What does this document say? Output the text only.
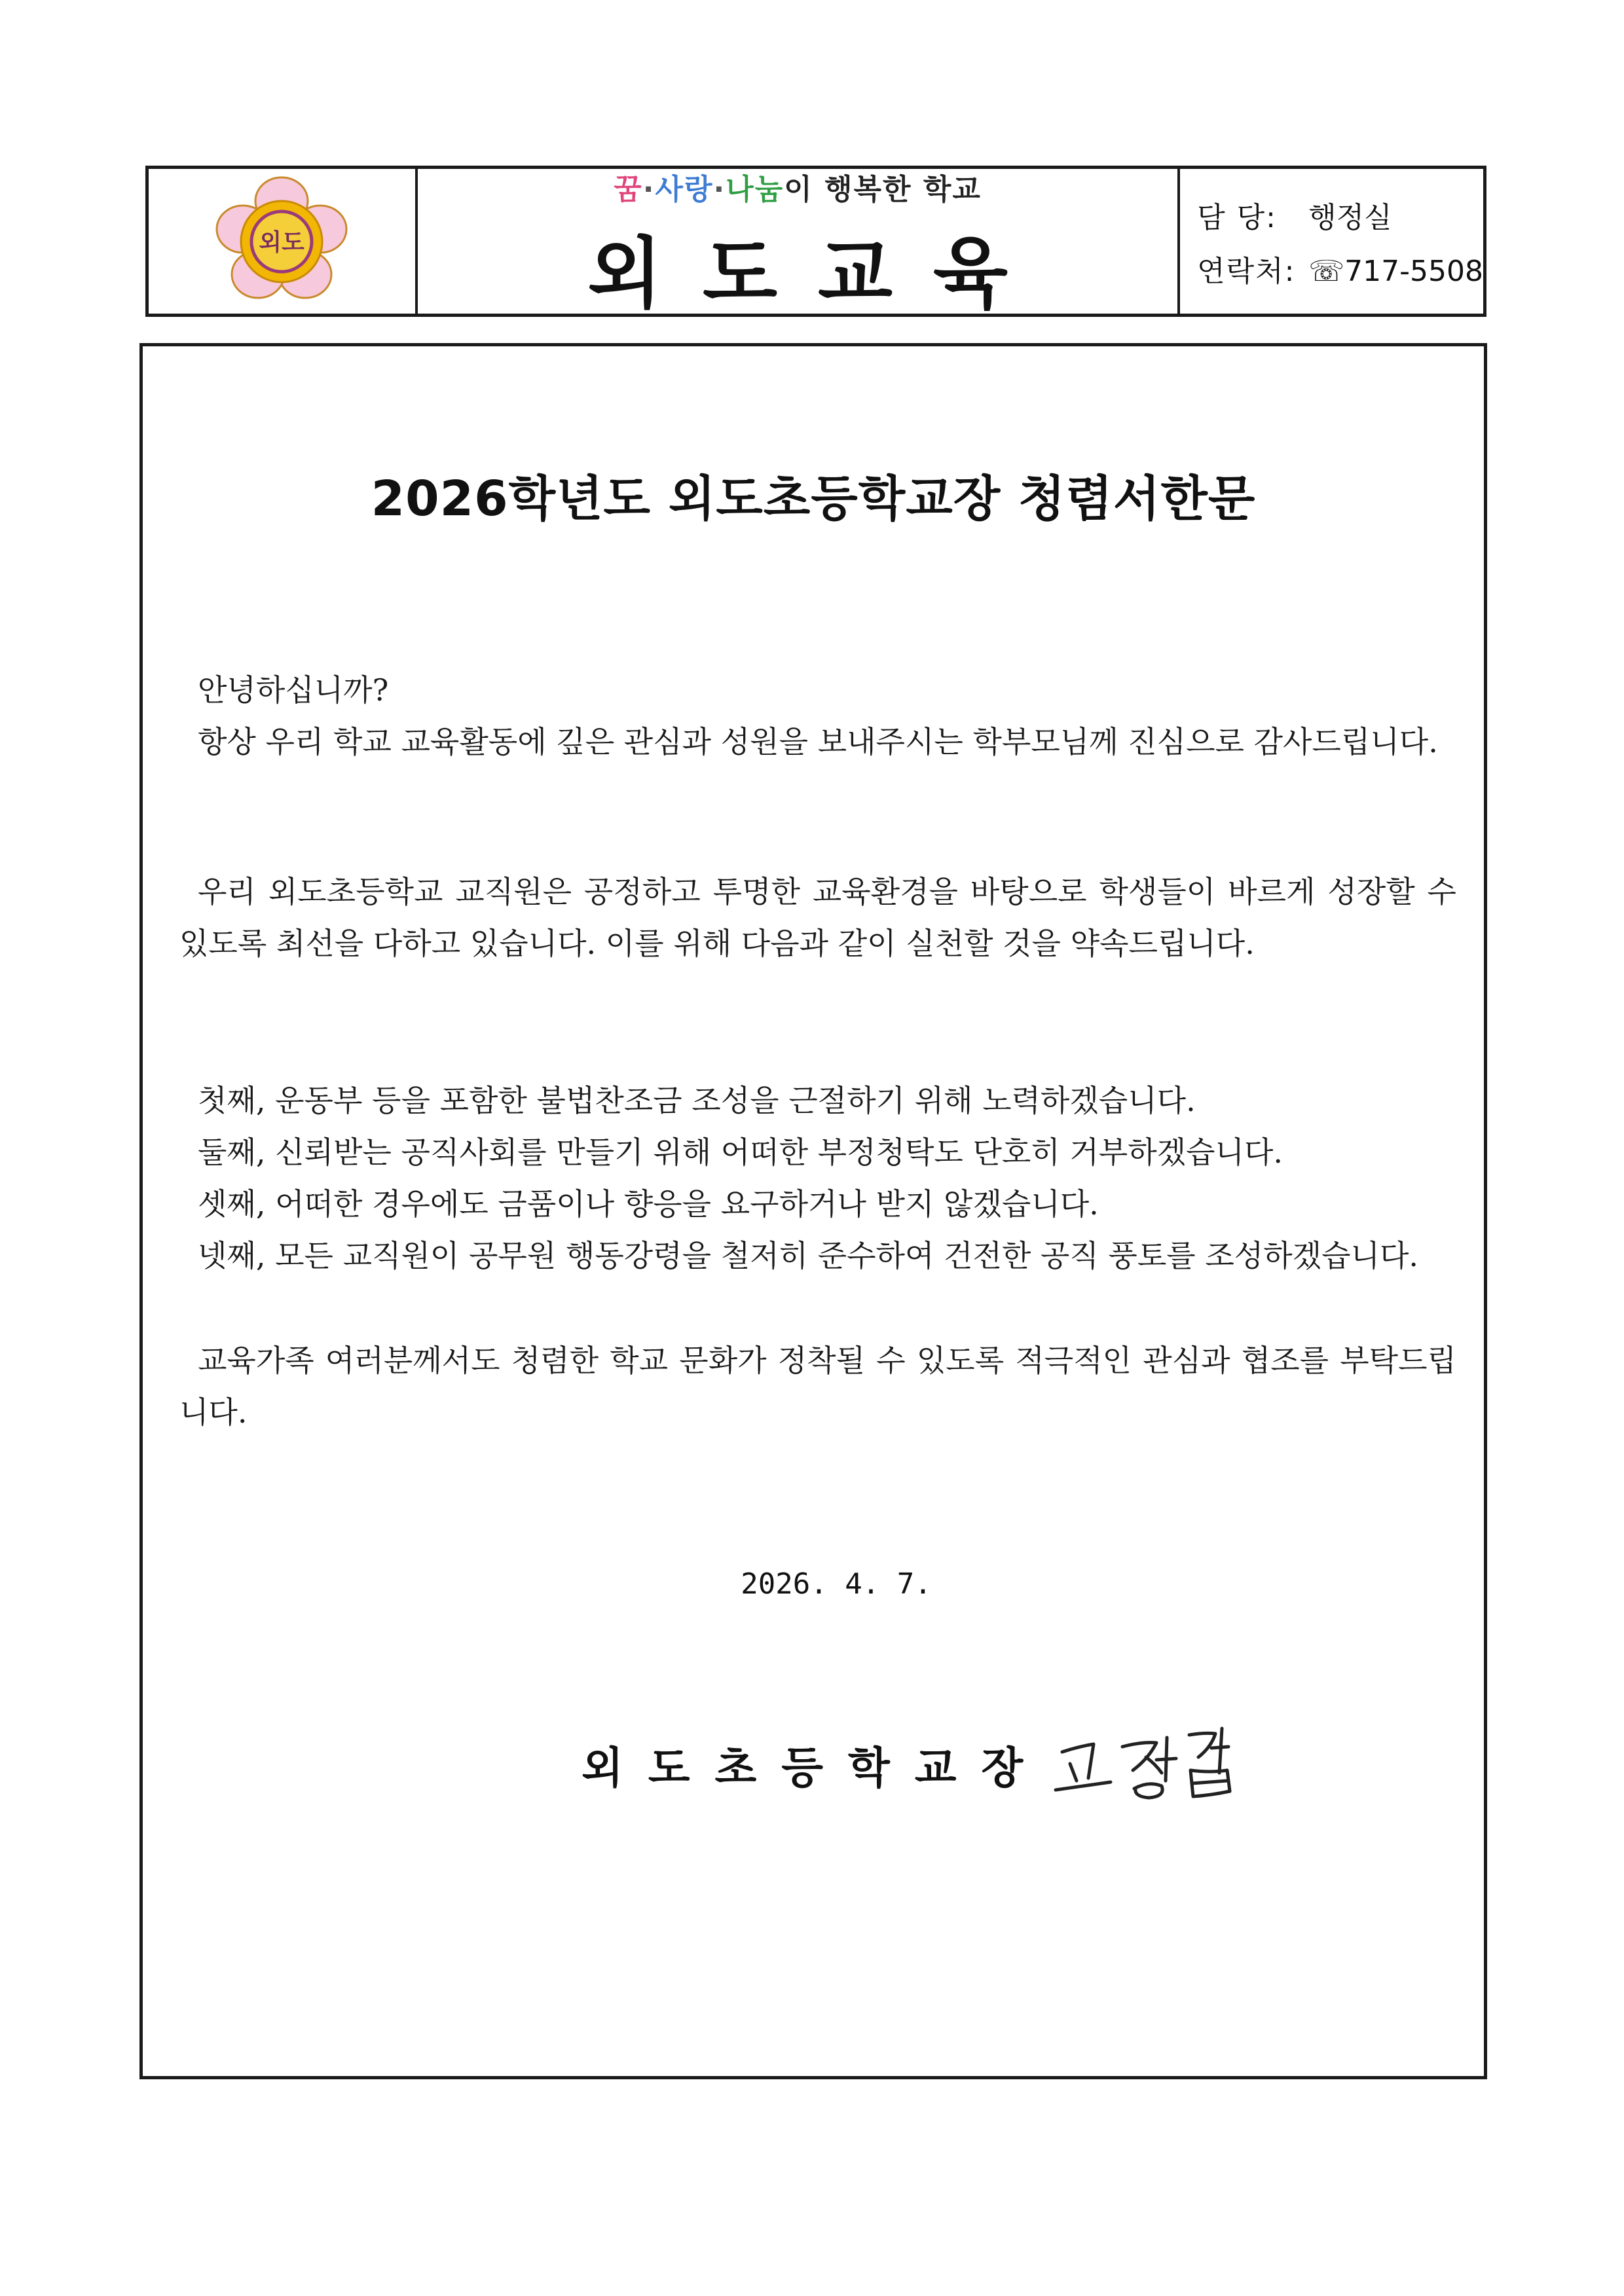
외도
꿈·사랑·나눔이 행복한 학교
외도교육
담 당: 행정실
연락처: ☏717-5508
2026학년도 외도초등학교장 청렴서한문

안녕하십니까?

항상 우리 학교 교육활동에 깊은 관심과 성원을 보내주시는 학부모님께 진심으로 감사드립니다.

우리 외도초등학교 교직원은 공정하고 투명한 교육환경을 바탕으로 학생들이 바르게 성장할 수 있도록 최선을 다하고 있습니다. 이를 위해 다음과 같이 실천할 것을 약속드립니다.

첫째, 운동부 등을 포함한 불법찬조금 조성을 근절하기 위해 노력하겠습니다.

둘째, 신뢰받는 공직사회를 만들기 위해 어떠한 부정청탁도 단호히 거부하겠습니다.

셋째, 어떠한 경우에도 금품이나 향응을 요구하거나 받지 않겠습니다.

넷째, 모든 교직원이 공무원 행동강령을 철저히 준수하여 건전한 공직 풍토를 조성하겠습니다.

교육가족 여러분께서도 청렴한 학교 문화가 정착될 수 있도록 적극적인 관심과 협조를 부탁드립니다.

2026. 4. 7.
외도초등학교장
